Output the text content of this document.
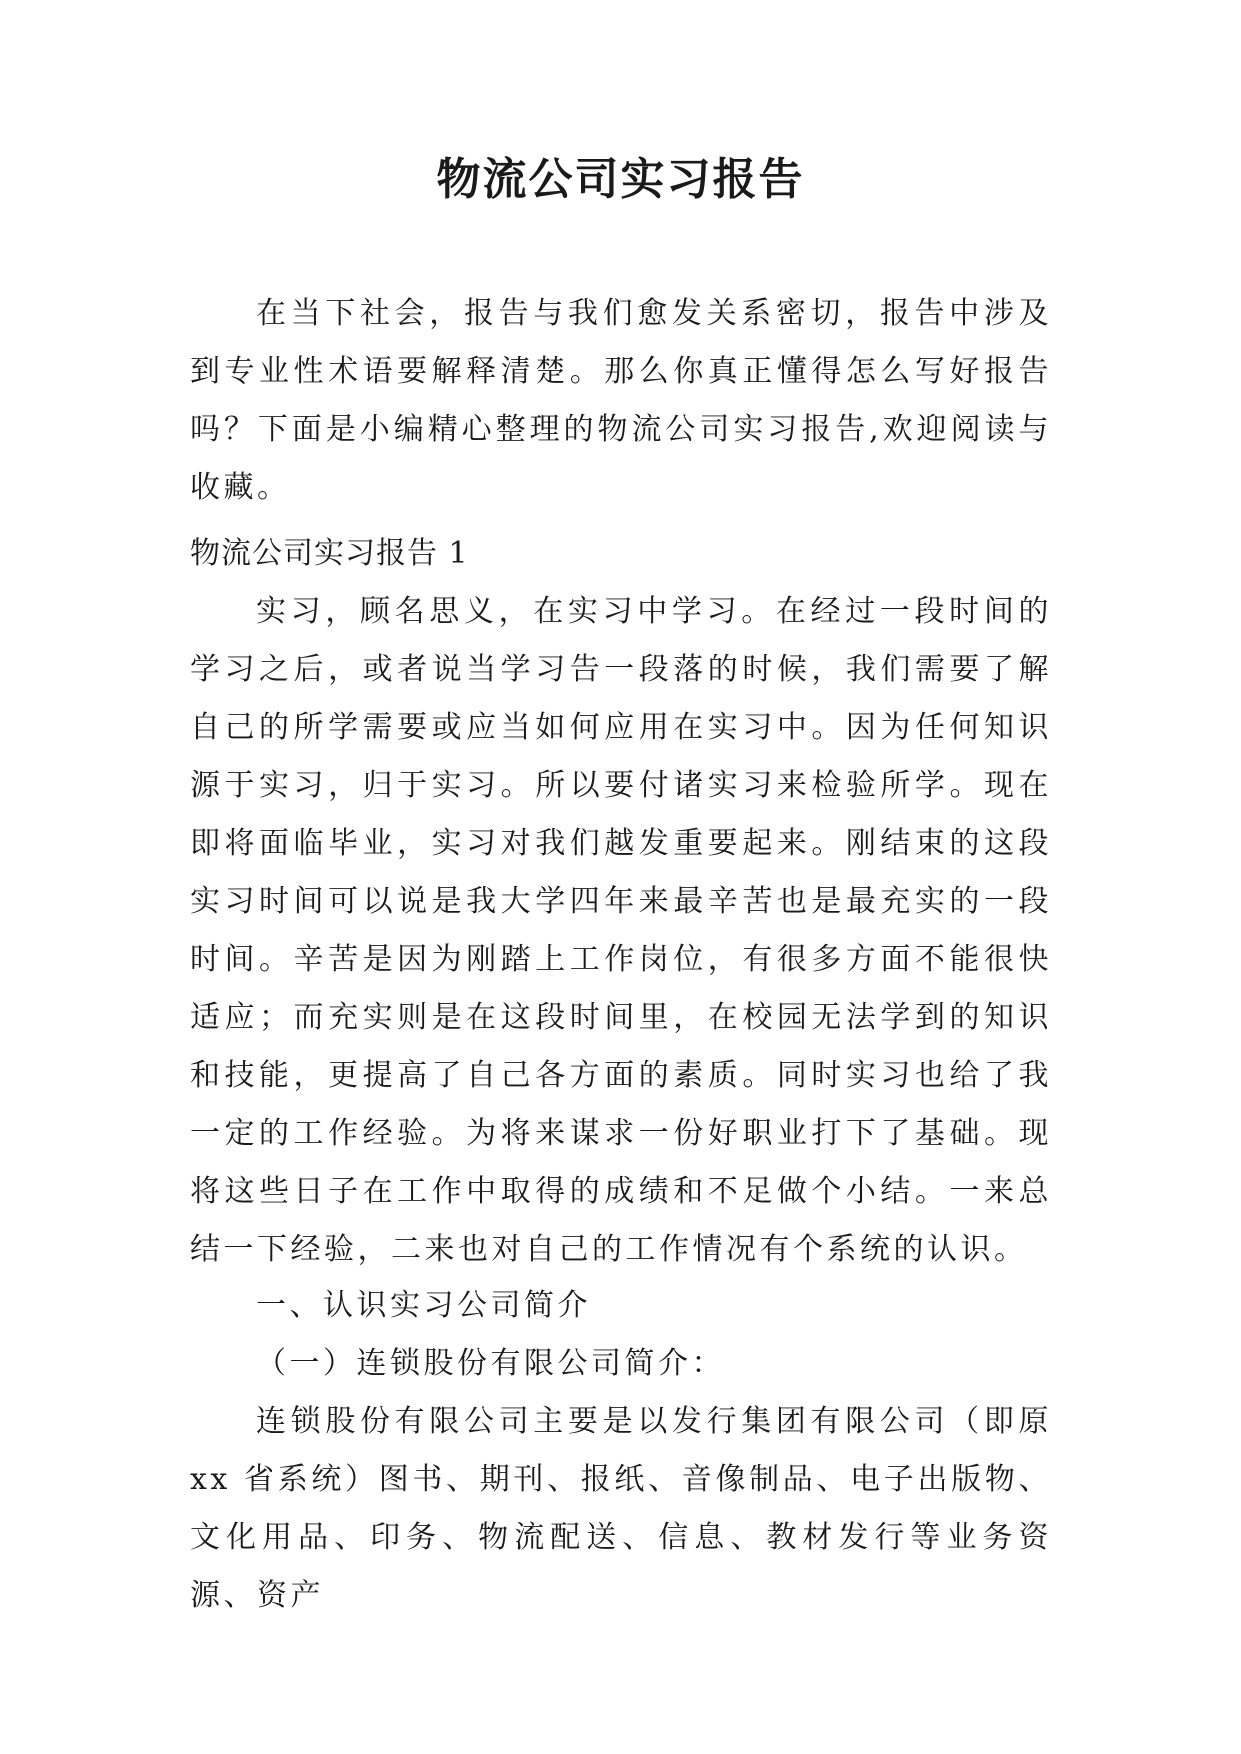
物流公司实习报告

在当下社会，报告与我们愈发关系密切，报告中涉及到专业性术语要解释清楚。那么你真正懂得怎么写好报告吗？下面是小编精心整理的物流公司实习报告,欢迎阅读与收藏。

物流公司实习报告 1

实习，顾名思义，在实习中学习。在经过一段时间的学习之后，或者说当学习告一段落的时候，我们需要了解自己的所学需要或应当如何应用在实习中。因为任何知识源于实习，归于实习。所以要付诸实习来检验所学。现在即将面临毕业，实习对我们越发重要起来。刚结束的这段实习时间可以说是我大学四年来最辛苦也是最充实的一段时间。辛苦是因为刚踏上工作岗位，有很多方面不能很快适应；而充实则是在这段时间里，在校园无法学到的知识和技能，更提高了自己各方面的素质。同时实习也给了我一定的工作经验。为将来谋求一份好职业打下了基础。现将这些日子在工作中取得的成绩和不足做个小结。一来总结一下经验，二来也对自己的工作情况有个系统的认识。

一、认识实习公司简介
（一）连锁股份有限公司简介：

连锁股份有限公司主要是以发行集团有限公司（即原 xx 省系统）图书、期刊、报纸、音像制品、电子出版物、文化用品、印务、物流配送、信息、教材发行等业务资源、资产
